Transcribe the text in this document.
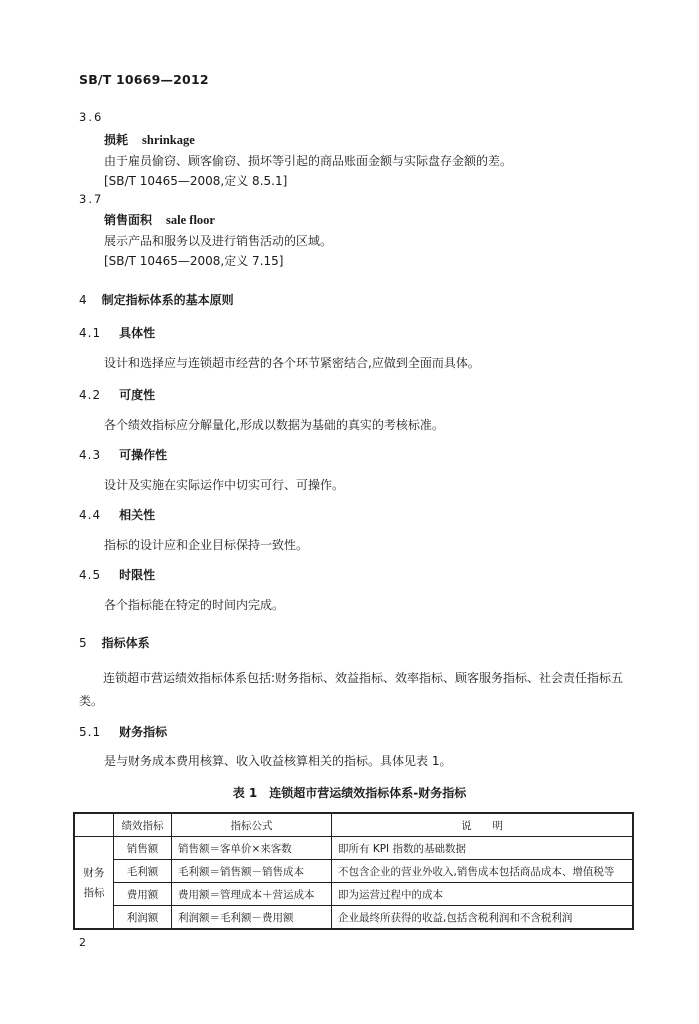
SB/T 10669—2012
3.6
损耗 shrinkage
由于雇员偷窃、顾客偷窃、损坏等引起的商品账面金额与实际盘存金额的差。
[SB/T 10465—2008,定义 8.5.1]
3.7
销售面积 sale floor
展示产品和服务以及进行销售活动的区域。
[SB/T 10465—2008,定义 7.15]
4 制定指标体系的基本原则
4.1 具体性
设计和选择应与连锁超市经营的各个环节紧密结合,应做到全面而具体。
4.2 可度性
各个绩效指标应分解量化,形成以数据为基础的真实的考核标准。
4.3 可操作性
设计及实施在实际运作中切实可行、可操作。
4.4 相关性
指标的设计应和企业目标保持一致性。
4.5 时限性
各个指标能在特定的时间内完成。
5 指标体系
连锁超市营运绩效指标体系包括:财务指标、效益指标、效率指标、顾客服务指标、社会责任指标五类。
5.1 财务指标
是与财务成本费用核算、收入收益核算相关的指标。具体见表 1。
表 1　连锁超市营运绩效指标体系-财务指标
	绩效指标	指标公式	说　　明
财务
指标	销售额	销售额＝客单价×来客数	即所有 KPI 指数的基础数据
	毛利额	毛利额＝销售额－销售成本	不包含企业的营业外收入,销售成本包括商品成本、增值税等
	费用额	费用额＝管理成本＋营运成本	即为运营过程中的成本
	利润额	利润额＝毛利额－费用额	企业最终所获得的收益,包括含税利润和不含税利润
2
